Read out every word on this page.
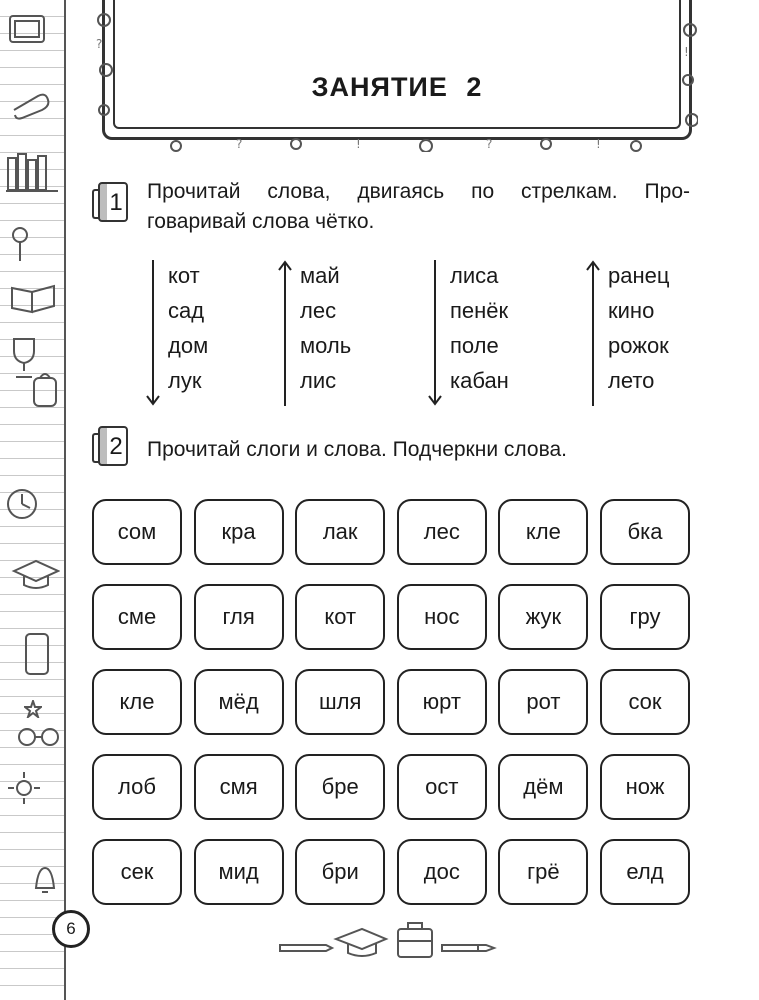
?
!
?	!	?	!
ЗАНЯТИЕ 2
1 Прочитай слова, двигаясь по стрелкам. Про-
говаривай слова чётко.
кот
сад
дом
лук
май
лес
моль
лис
лиса
пенёк
поле
кабан
ранец
кино
рожок
лето
2 Прочитай слоги и слова. Подчеркни слова.
сом	кра	лак	лес	кле	бка
сме	гля	кот	нос	жук	гру
кле	мёд	шля	юрт	рот	сок
лоб	смя	бре	ост	дём	нож
сек	мид	бри	дос	грё	елд
6
